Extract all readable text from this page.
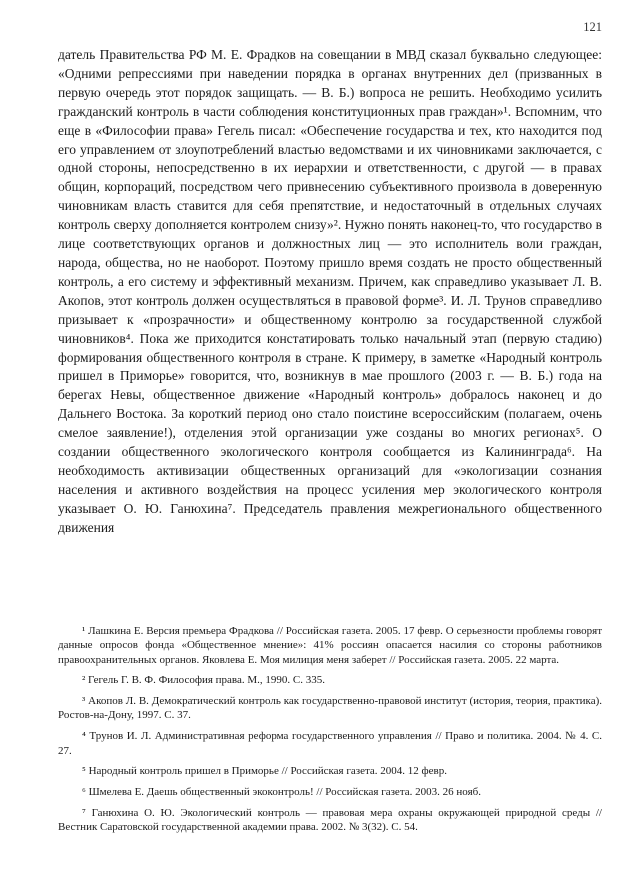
121

датель Правительства РФ М. Е. Фрадков на совещании в МВД сказал буквально следующее: «Одними репрессиями при наведении порядка в органах внутренних дел (призванных в первую очередь этот порядок защищать. — В. Б.) вопроса не решить. Необходимо усилить гражданский контроль в части соблюдения конституционных прав граждан»¹. Вспомним, что еще в «Философии права» Гегель писал: «Обеспечение государства и тех, кто находится под его управлением от злоупотреблений властью ведомствами и их чиновниками заключается, с одной стороны, непосредственно в их иерархии и ответственности, с другой — в правах общин, корпораций, посредством чего привнесению субъективного произвола в доверенную чиновникам власть ставится для себя препятствие, и недостаточный в отдельных случаях контроль сверху дополняется контролем снизу»². Нужно понять наконец-то, что государство в лице соответствующих органов и должностных лиц — это исполнитель воли граждан, народа, общества, но не наоборот. Поэтому пришло время создать не просто общественный контроль, а его систему и эффективный механизм. Причем, как справедливо указывает Л. В. Акопов, этот контроль должен осуществляться в правовой форме³. И. Л. Трунов справедливо призывает к «прозрачности» и общественному контролю за государственной службой чиновников⁴. Пока же приходится констатировать только начальный этап (первую стадию) формирования общественного контроля в стране. К примеру, в заметке «Народный контроль пришел в Приморье» говорится, что, возникнув в мае прошлого (2003 г. — В. Б.) года на берегах Невы, общественное движение «Народный контроль» добралось наконец и до Дальнего Востока. За короткий период оно стало поистине всероссийским (полагаем, очень смелое заявление!), отделения этой организации уже созданы во многих регионах⁵. О создании общественного экологического контроля сообщается из Калининграда⁶. На необходимость активизации общественных организаций для «экологизации сознания населения и активного воздействия на процесс усиления мер экологического контроля указывает О. Ю. Ганюхина⁷. Председатель правления межрегионального общественного движения

¹ Лашкина Е. Версия премьера Фрадкова // Российская газета. 2005. 17 февр. О серьезности проблемы говорят данные опросов фонда «Общественное мнение»: 41% россиян опасается насилия со стороны работников правоохранительных органов. Яковлева Е. Моя милиция меня заберет // Российская газета. 2005. 22 марта.

² Гегель Г. В. Ф. Философия права. М., 1990. С. 335.

³ Акопов Л. В. Демократический контроль как государственно-правовой институт (история, теория, практика). Ростов-на-Дону, 1997. С. 37.

⁴ Трунов И. Л. Административная реформа государственного управления // Право и политика. 2004. № 4. С. 27.

⁵ Народный контроль пришел в Приморье // Российская газета. 2004. 12 февр.

⁶ Шмелева Е. Даешь общественный экоконтроль! // Российская газета. 2003. 26 нояб.

⁷ Ганюхина О. Ю. Экологический контроль — правовая мера охраны окружающей природной среды // Вестник Саратовской государственной академии права. 2002. № 3(32). С. 54.
